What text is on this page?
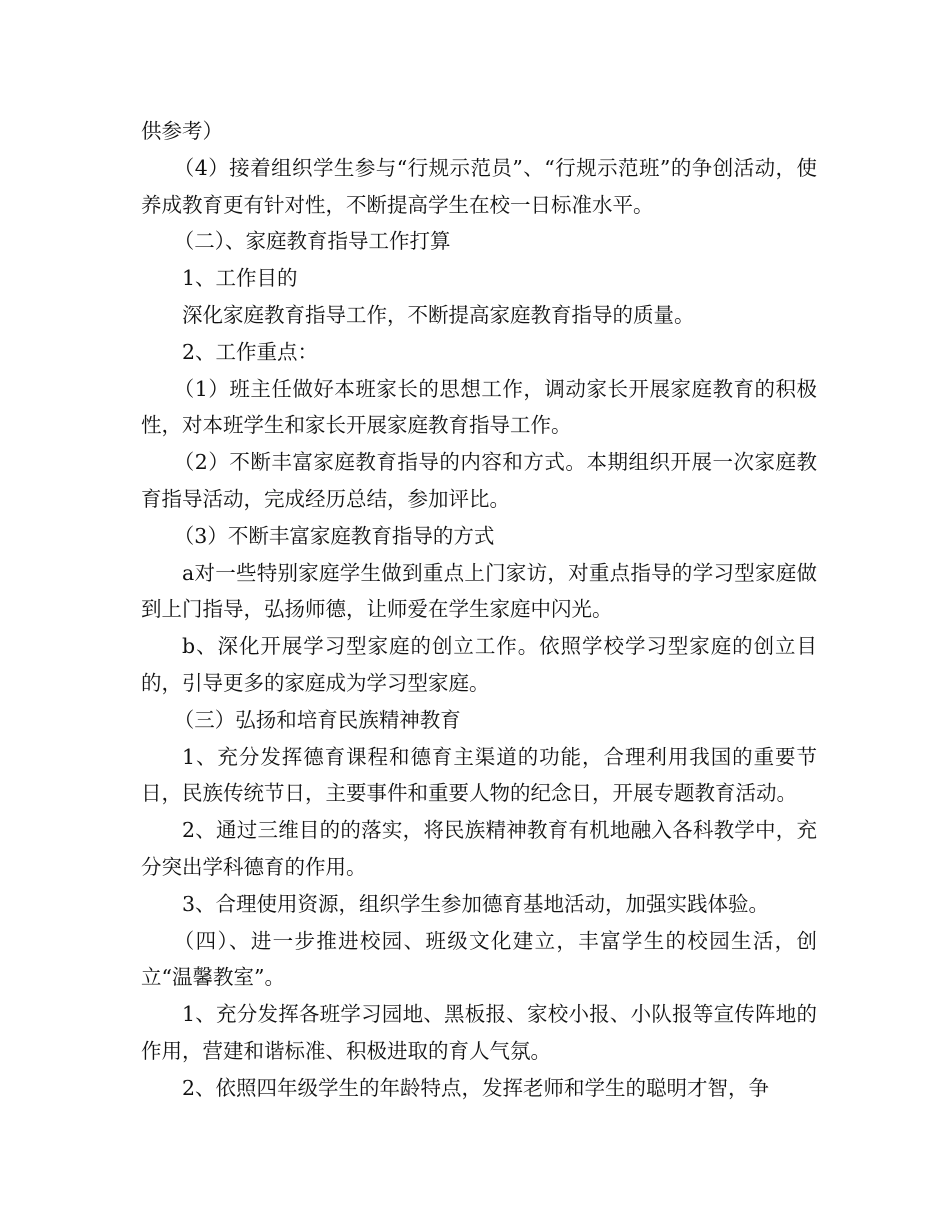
供参考）

（4）接着组织学生参与“行规示范员”、“行规示范班”的争创活动，使养成教育更有针对性，不断提高学生在校一日标准水平。

（二）、家庭教育指导工作打算

1、工作目的

深化家庭教育指导工作，不断提高家庭教育指导的质量。

2、工作重点：

（1）班主任做好本班家长的思想工作，调动家长开展家庭教育的积极性，对本班学生和家长开展家庭教育指导工作。

（2）不断丰富家庭教育指导的内容和方式。本期组织开展一次家庭教育指导活动，完成经历总结，参加评比。

（3）不断丰富家庭教育指导的方式

a对一些特别家庭学生做到重点上门家访，对重点指导的学习型家庭做到上门指导，弘扬师德，让师爱在学生家庭中闪光。

b、深化开展学习型家庭的创立工作。依照学校学习型家庭的创立目的，引导更多的家庭成为学习型家庭。

（三）弘扬和培育民族精神教育

1、充分发挥德育课程和德育主渠道的功能，合理利用我国的重要节日，民族传统节日，主要事件和重要人物的纪念日，开展专题教育活动。

2、通过三维目的的落实，将民族精神教育有机地融入各科教学中，充分突出学科德育的作用。

3、合理使用资源，组织学生参加德育基地活动，加强实践体验。

（四）、进一步推进校园、班级文化建立，丰富学生的校园生活，创立“温馨教室”。

1、充分发挥各班学习园地、黑板报、家校小报、小队报等宣传阵地的作用，营建和谐标准、积极进取的育人气氛。

2、依照四年级学生的年龄特点，发挥老师和学生的聪明才智，争
